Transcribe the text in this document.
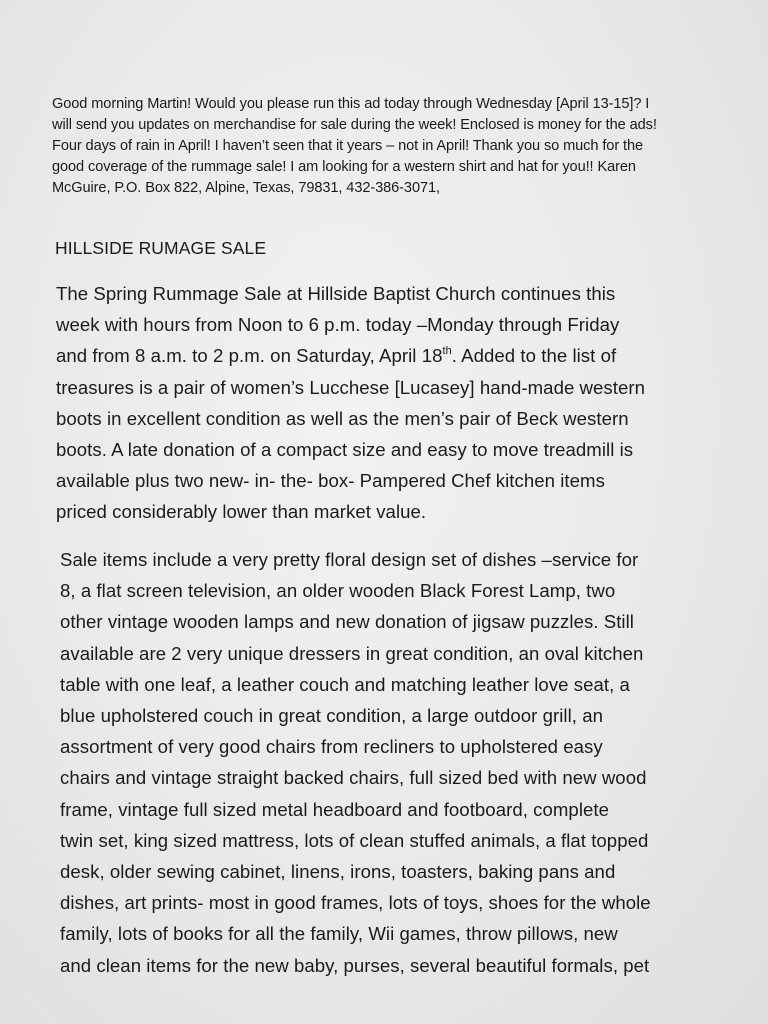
Good morning Martin! Would you please run this ad today through Wednesday [April 13-15]? I
will send you updates on merchandise for sale during the week! Enclosed is money for the ads!
Four days of rain in April! I haven’t seen that it years – not in April! Thank you so much for the
good coverage of the rummage sale! I am looking for a western shirt and hat for you!! Karen
McGuire, P.O. Box 822, Alpine, Texas, 79831, 432-386-3071,
HILLSIDE RUMAGE SALE
The Spring Rummage Sale at Hillside Baptist Church continues this
week with hours from Noon to 6 p.m. today –Monday through Friday
and from 8 a.m. to 2 p.m. on Saturday, April 18th. Added to the list of
treasures is a pair of women’s Lucchese [Lucasey] hand-made western
boots in excellent condition as well as the men’s pair of Beck western
boots. A late donation of a compact size and easy to move treadmill is
available plus two new- in- the- box- Pampered Chef kitchen items
priced considerably lower than market value.
Sale items include a very pretty floral design set of dishes –service for
8, a flat screen television, an older wooden Black Forest Lamp, two
other vintage wooden lamps and new donation of jigsaw puzzles. Still
available are 2 very unique dressers in great condition, an oval kitchen
table with one leaf, a leather couch and matching leather love seat, a
blue upholstered couch in great condition, a large outdoor grill, an
assortment of very good chairs from recliners to upholstered easy
chairs and vintage straight backed chairs, full sized bed with new wood
frame, vintage full sized metal headboard and footboard, complete
twin set, king sized mattress, lots of clean stuffed animals, a flat topped
desk, older sewing cabinet, linens, irons, toasters, baking pans and
dishes, art prints- most in good frames, lots of toys, shoes for the whole
family, lots of books for all the family, Wii games, throw pillows, new
and clean items for the new baby, purses, several beautiful formals, pet
